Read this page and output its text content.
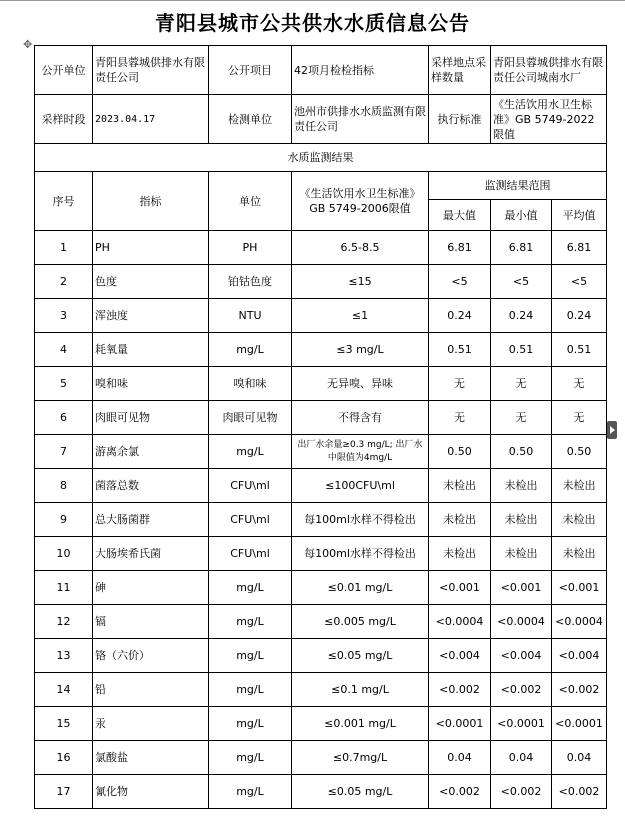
青阳县城市公共供水水质信息公告
✥
公开单位	青阳县蓉城供排水有限责任公司	公开项目	42项月检检指标	采样地点采样数量	青阳县蓉城供排水有限责任公司城南水厂	
采样时段	2023.04.17	检测单位	池州市供排水水质监测有限责任公司	执行标准	《生活饮用水卫生标准》GB 5749-2022限值	
水质监测结果						
序号	指标	单位	《生活饮用水卫生标准》GB 5749-2006限值	监测结果范围		
				最大值	最小值	平均值
1	PH	PH	6.5-8.5	6.81	6.81	6.81
2	色度	铂钴色度	≤15	<5	<5	<5
3	浑浊度	NTU	≤1	0.24	0.24	0.24
4	耗氧量	mg/L	≤3 mg/L	0.51	0.51	0.51
5	嗅和味	嗅和味	无异嗅、异味	无	无	无
6	肉眼可见物	肉眼可见物	不得含有	无	无	无
7	游离余氯	mg/L	出厂水余量≥0.3 mg/L; 出厂水中限值为4mg/L	0.50	0.50	0.50
8	菌落总数	CFU\ml	≤100CFU\ml	未检出	未检出	未检出
9	总大肠菌群	CFU\ml	每100ml水样不得检出	未检出	未检出	未检出
10	大肠埃希氏菌	CFU\ml	每100ml水样不得检出	未检出	未检出	未检出
11	砷	mg/L	≤0.01 mg/L	<0.001	<0.001	<0.001
12	镉	mg/L	≤0.005 mg/L	<0.0004	<0.0004	<0.0004
13	铬（六价）	mg/L	≤0.05 mg/L	<0.004	<0.004	<0.004
14	铅	mg/L	≤0.1 mg/L	<0.002	<0.002	<0.002
15	汞	mg/L	≤0.001 mg/L	<0.0001	<0.0001	<0.0001
16	氯酸盐	mg/L	≤0.7mg/L	0.04	0.04	0.04
17	氰化物	mg/L	≤0.05 mg/L	<0.002	<0.002	<0.002
